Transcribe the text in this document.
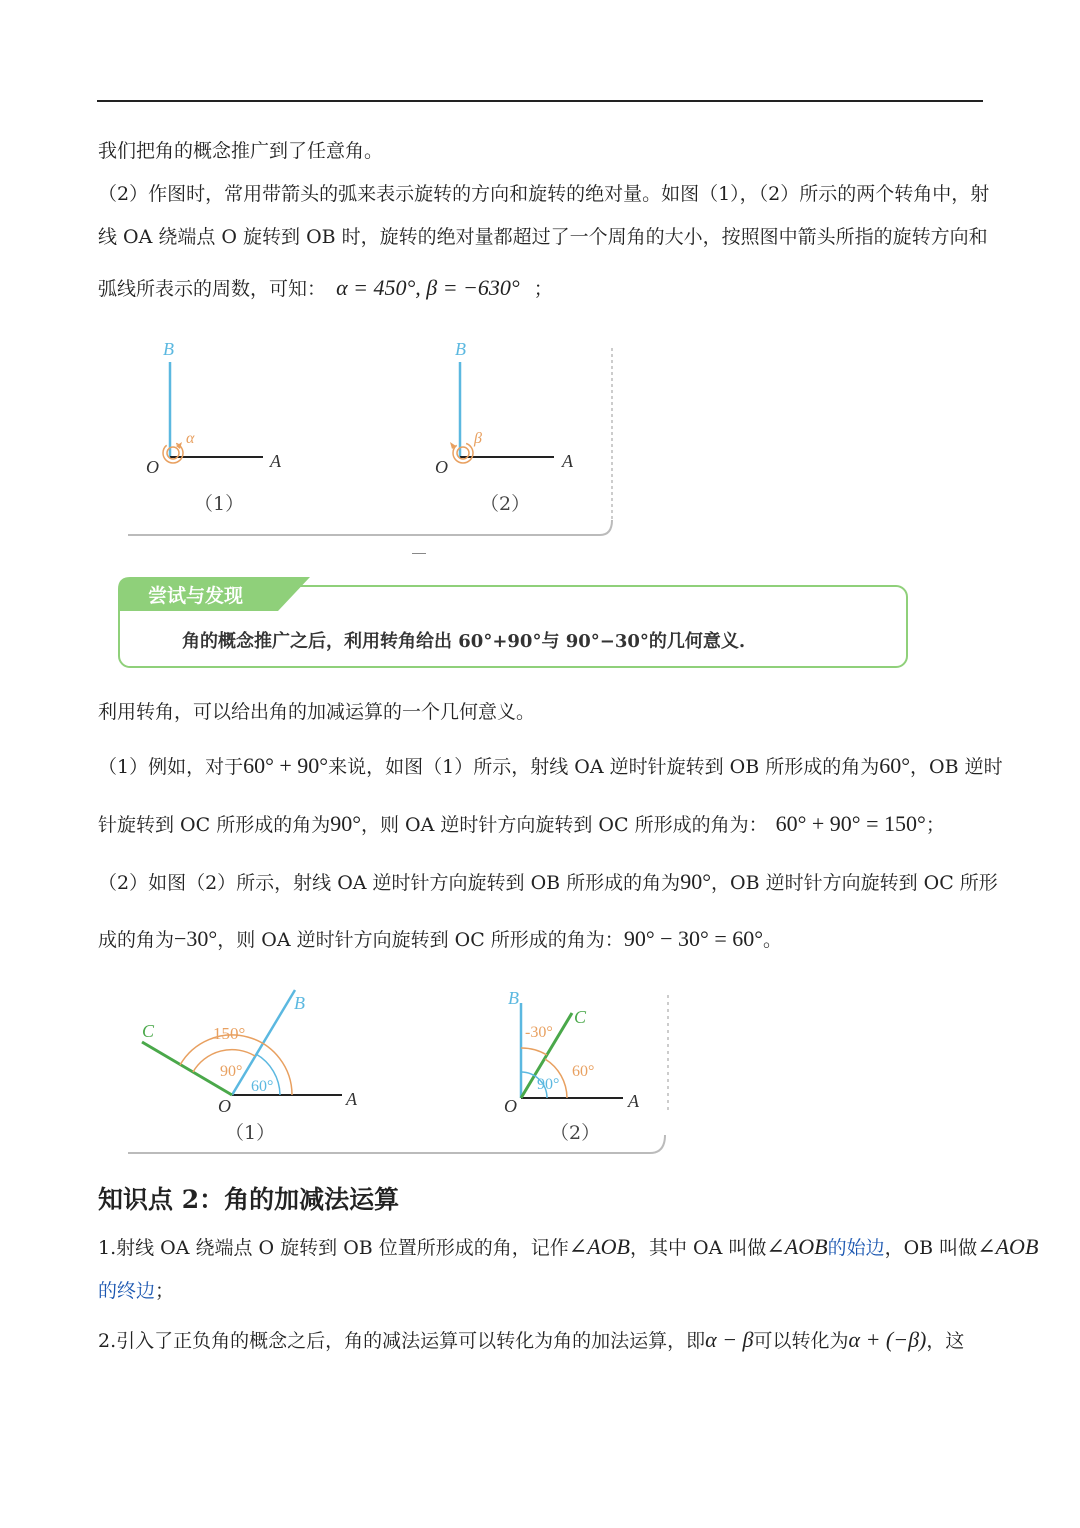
我们把角的概念推广到了任意角。
（2）作图时，常用带箭头的弧来表示旋转的方向和旋转的绝对量。如图（1），（2）所示的两个转角中，射
线 OA 绕端点 O 旋转到 OB 时，旋转的绝对量都超过了一个周角的大小，按照图中箭头所指的旋转方向和
弧线所表示的周数，可知： α = 450°, β = −630° ；
B
O	A
α
（1）
B
O	A
β
（2）
尝试与发现
角的概念推广之后，利用转角给出 60°+90°与 90°−30°的几何意义.
利用转角，可以给出角的加减运算的一个几何意义。
（1）例如，对于60° + 90°来说，如图（1）所示，射线 OA 逆时针旋转到 OB 所形成的角为60°，OB 逆时
针旋转到 OC 所形成的角为90°，则 OA 逆时针方向旋转到 OC 所形成的角为： 60° + 90° = 150°；
（2）如图（2）所示，射线 OA 逆时针方向旋转到 OB 所形成的角为90°，OB 逆时针方向旋转到 OC 所形
成的角为−30°，则 OA 逆时针方向旋转到 OC 所形成的角为：90° − 30° = 60°。
C
B
O	A
150°
90°
60°
（1）
B
C
O	A
-30°
60°
90°
（2）
知识点 2：角的加减法运算
1.射线 OA 绕端点 O 旋转到 OB 位置所形成的角，记作∠AOB，其中 OA 叫做∠AOB的始边，OB 叫做∠AOB
的终边；
2.引入了正负角的概念之后，角的减法运算可以转化为角的加法运算，即α − β可以转化为α + (−β)，这
